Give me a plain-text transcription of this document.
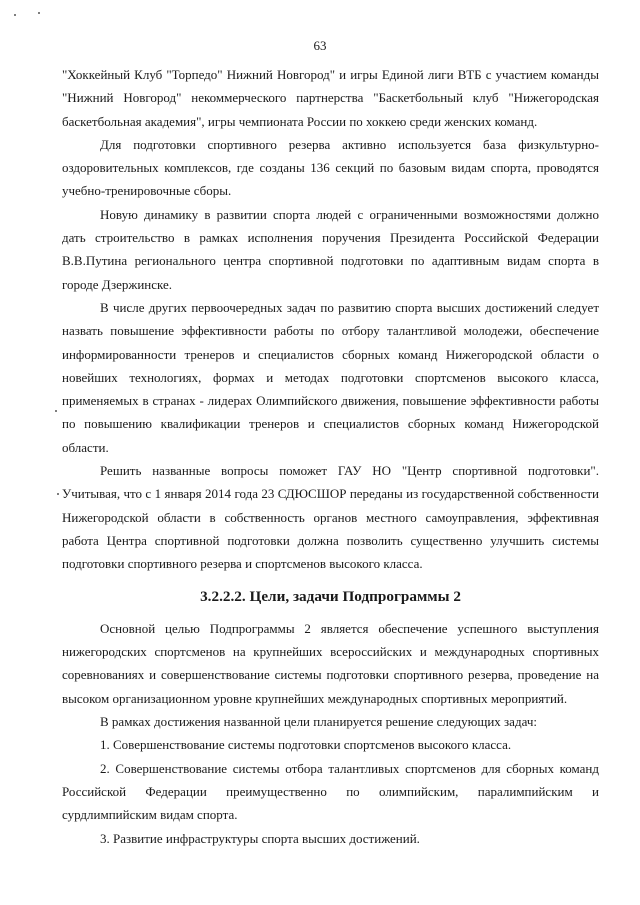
63

"Хоккейный Клуб "Торпедо" Нижний Новгород" и игры Единой лиги ВТБ с участием команды "Нижний Новгород" некоммерческого партнерства "Баскетбольный клуб "Нижегородская баскетбольная академия", игры чемпионата России по хоккею среди женских команд.

Для подготовки спортивного резерва активно используется база физкультурно-оздоровительных комплексов, где созданы 136 секций по базовым видам спорта, проводятся учебно-тренировочные сборы.

Новую динамику в развитии спорта людей с ограниченными возможностями должно дать строительство в рамках исполнения поручения Президента Российской Федерации В.В.Путина регионального центра спортивной подготовки по адаптивным видам спорта в городе Дзержинске.

В числе других первоочередных задач по развитию спорта высших достижений следует назвать повышение эффективности работы по отбору талантливой молодежи, обеспечение информированности тренеров и специалистов сборных команд Нижегородской области о новейших технологиях, формах и методах подготовки спортсменов высокого класса, применяемых в странах - лидерах Олимпийского движения, повышение эффективности работы по повышению квалификации тренеров и специалистов сборных команд Нижегородской области.

Решить названные вопросы поможет ГАУ НО "Центр спортивной подготовки". Учитывая, что с 1 января 2014 года 23 СДЮСШОР переданы из государственной собственности Нижегородской области в собственность органов местного самоуправления, эффективная работа Центра спортивной подготовки должна позволить существенно улучшить системы подготовки спортивного резерва и спортсменов высокого класса.

3.2.2.2. Цели, задачи Подпрограммы 2

Основной целью Подпрограммы 2 является обеспечение успешного выступления нижегородских спортсменов на крупнейших всероссийских и международных спортивных соревнованиях и совершенствование системы подготовки спортивного резерва, проведение на высоком организационном уровне крупнейших международных спортивных мероприятий.

В рамках достижения названной цели планируется решение следующих задач:

1. Совершенствование системы подготовки спортсменов высокого класса.

2. Совершенствование системы отбора талантливых спортсменов для сборных команд Российской Федерации преимущественно по олимпийским, паралимпийским и сурдлимпийским видам спорта.

3. Развитие инфраструктуры спорта высших достижений.
